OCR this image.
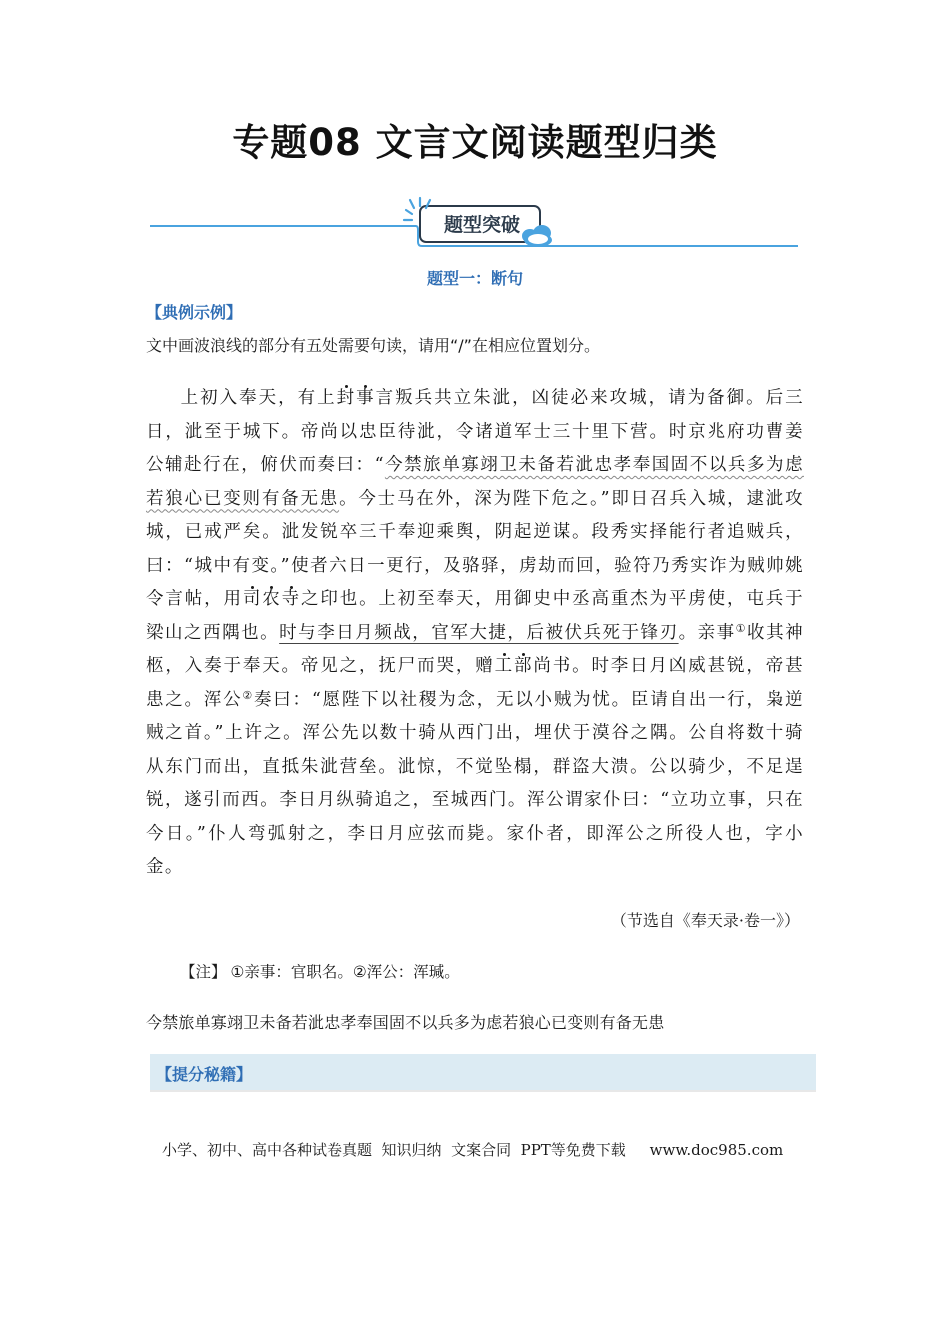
专题08 文言文阅读题型归类
题型突破
题型一：断句
【典例示例】
文中画波浪线的部分有五处需要句读，请用“/”在相应位置划分。
上初入奉天，有上封事言叛兵共立朱泚，凶徒必来攻城，请为备御。后三日，泚至于城下。帝尚以忠臣待泚，令诸道军士三十里下营。时京兆府功曹姜公辅赴行在，俯伏而奏曰：“今禁旅单寡翊卫未备若泚忠孝奉国固不以兵多为虑若狼心已变则有备无患。今士马在外，深为陛下危之。”即日召兵入城，逮泚攻城，已戒严矣。泚发锐卒三千奉迎乘舆，阴起逆谋。段秀实择能行者追贼兵，曰：“城中有变。”使者六日一更行，及骆驿，虏劫而回，验符乃秀实诈为贼帅姚令言帖，用司农寺之印也。上初至奉天，用御史中丞高重杰为平虏使，屯兵于梁山之西隅也。时与李日月频战，官军大捷，后被伏兵死于锋刃。亲事①收其神柩，入奏于奉天。帝见之，抚尸而哭，赠工部尚书。时李日月凶威甚锐，帝甚患之。浑公②奏曰：“愿陛下以社稷为念，无以小贼为忧。臣请自出一行，枭逆贼之首。”上许之。浑公先以数十骑从西门出，埋伏于漠谷之隅。公自将数十骑从东门而出，直抵朱泚营垒。泚惊，不觉坠榻，群盗大溃。公以骑少，不足逞锐，遂引而西。李日月纵骑追之，至城西门。浑公谓家仆曰：“立功立事，只在今日。”仆人弯弧射之，李日月应弦而毙。家仆者，即浑公之所役人也，字小金。
（节选自《奉天录·卷一》）
【注】 ①亲事：官职名。②浑公：浑瑊。
今禁旅单寡翊卫未备若泚忠孝奉国固不以兵多为虑若狼心已变则有备无患
【提分秘籍】
小学、初中、高中各种试卷真题  知识归纳  文案合同  PPT等免费下载     www.doc985.com
